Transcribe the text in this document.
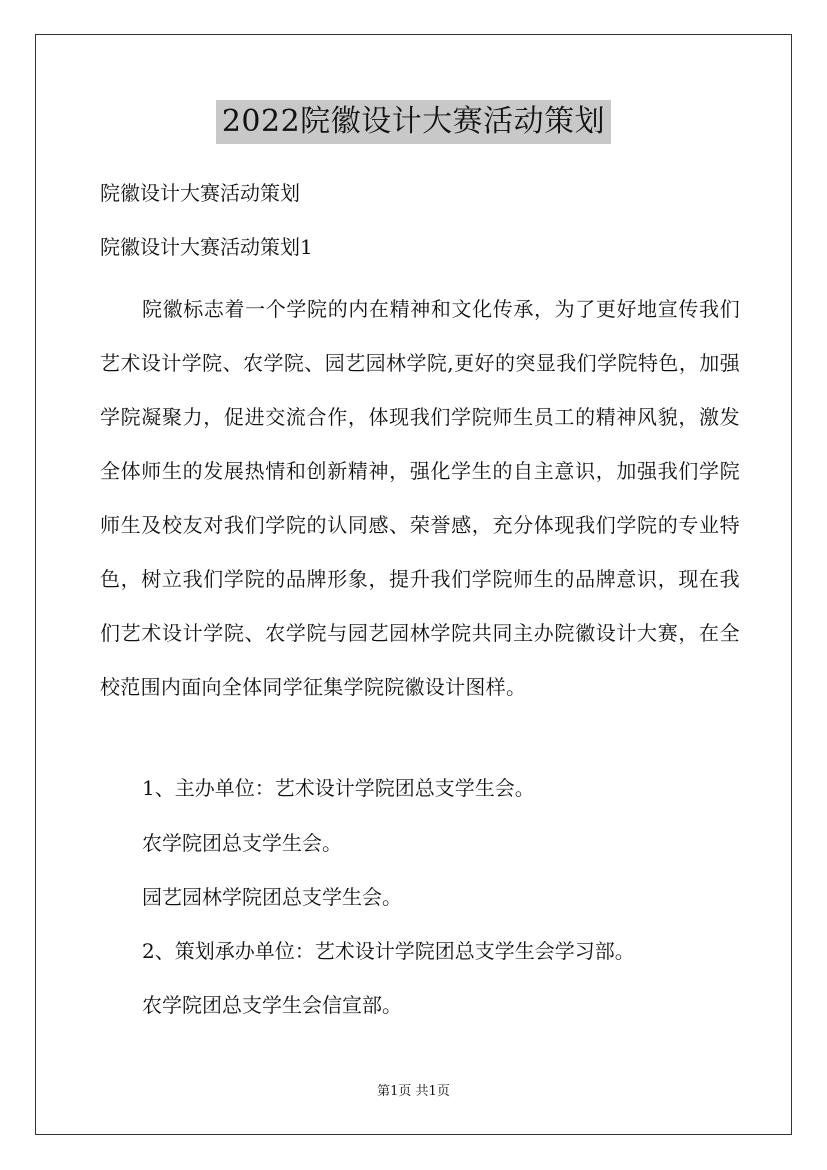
2022院徽设计大赛活动策划
院徽设计大赛活动策划
院徽设计大赛活动策划1
院徽标志着一个学院的内在精神和文化传承，为了更好地宣传我们艺术设计学院、农学院、园艺园林学院,更好的突显我们学院特色，加强学院凝聚力，促进交流合作，体现我们学院师生员工的精神风貌，激发全体师生的发展热情和创新精神，强化学生的自主意识，加强我们学院师生及校友对我们学院的认同感、荣誉感，充分体现我们学院的专业特色，树立我们学院的品牌形象，提升我们学院师生的品牌意识，现在我们艺术设计学院、农学院与园艺园林学院共同主办院徽设计大赛，在全校范围内面向全体同学征集学院院徽设计图样。
1、主办单位：艺术设计学院团总支学生会。
农学院团总支学生会。
园艺园林学院团总支学生会。
2、策划承办单位：艺术设计学院团总支学生会学习部。
农学院团总支学生会信宣部。
第1页 共1页
